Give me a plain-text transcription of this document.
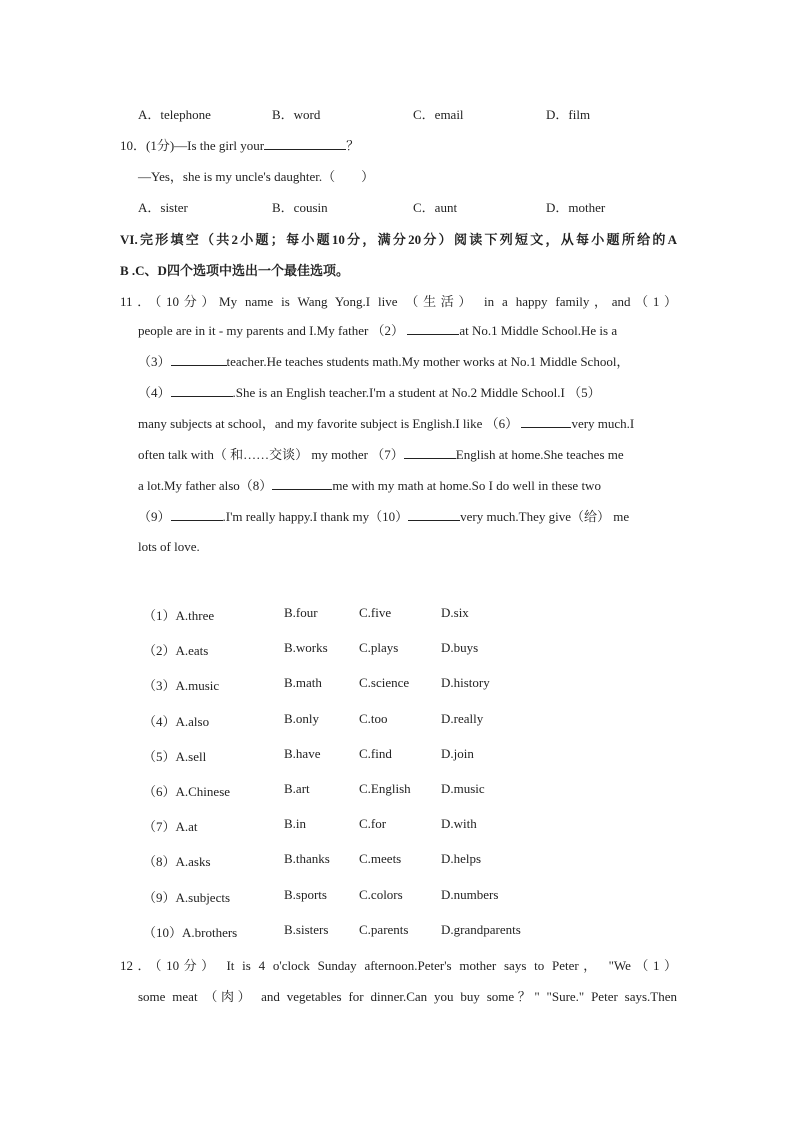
A．telephone	B．word	C．email	D．film
10．(1分)—Is the girl your	？
—Yes，she is my uncle's daughter.（　　）
A．sister	B．cousin	C．aunt	D．mother
VI.完形填空（共2小题；每小题10分，满分20分）阅读下列短文，从每小题所给的A
B .C、D四个选项中选出一个最佳选项。
11．（10分）My name is Wang Yong.I live （生活） in a happy family，and（1）
people are in it - my parents and I.My father （2）	at No.1 Middle School.He is a
（3）	teacher.He teaches students math.My mother works at No.1 Middle School，
（4）	.She is an English teacher.I'm a student at No.2 Middle School.I （5）
many subjects at school，and my favorite subject is English.I like （6）	very much.I
often talk with（ 和……交谈） my mother （7）	English at home.She teaches me
a lot.My father also（8）	me with my math at home.So I do well in these two
（9）	.I'm really happy.I thank my（10）	very much.They give（给） me
lots of love.
（1）A.three	B.four	C.five	D.six
（2）A.eats	B.works C.plays	D.buys
（3）A.music	B.math	C.science D.history
（4）A.also	B.only	C.too	D.really
（5）A.sell	B.have	C.find	D.join
（6）A.Chinese	B.art	C.English D.music
（7）A.at	B.in	C.for	D.with
（8）A.asks	B.thanks C.meets	D.helps
（9）A.subjects	B.sports C.colors	D.numbers
（10）A.brothers	B.sisters C.parents	D.grandparents
12．（10分） It is 4 o'clock Sunday afternoon.Peter's mother says to Peter， "We（1）
some meat （肉） and vegetables for dinner.Can you buy some？" "Sure." Peter says.Then
